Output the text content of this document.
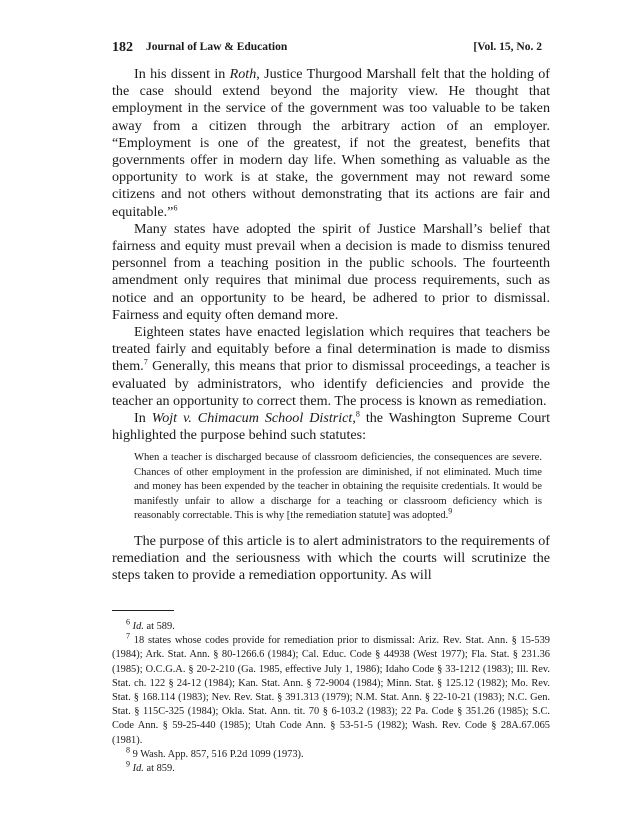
182 Journal of Law & Education	[Vol. 15, No. 2

In his dissent in Roth, Justice Thurgood Marshall felt that the holding of the case should extend beyond the majority view. He thought that employment in the service of the government was too valuable to be taken away from a citizen through the arbitrary action of an employer. “Employment is one of the greatest, if not the greatest, benefits that governments offer in modern day life. When something as valuable as the opportunity to work is at stake, the government may not reward some citizens and not others without demonstrating that its actions are fair and equitable.”$^6$

Many states have adopted the spirit of Justice Marshall’s belief that fairness and equity must prevail when a decision is made to dismiss tenured personnel from a teaching position in the public schools. The fourteenth amendment only requires that minimal due process requirements, such as notice and an opportunity to be heard, be adhered to prior to dismissal. Fairness and equity often demand more.

Eighteen states have enacted legislation which requires that teachers be treated fairly and equitably before a final determination is made to dismiss them.$^7$ Generally, this means that prior to dismissal proceedings, a teacher is evaluated by administrators, who identify deficiencies and provide the teacher an opportunity to correct them. The process is known as remediation.

In Wojt v. Chimacum School District,$^8$ the Washington Supreme Court highlighted the purpose behind such statutes:

When a teacher is discharged because of classroom deficiencies, the consequences are severe. Chances of other employment in the profession are diminished, if not eliminated. Much time and money has been expended by the teacher in obtaining the requisite credentials. It would be manifestly unfair to allow a discharge for a teaching or classroom deficiency which is reasonably correctable. This is why [the remediation statute] was adopted.$^9$

The purpose of this article is to alert administrators to the requirements of remediation and the seriousness with which the courts will scrutinize the steps taken to provide a remediation opportunity. As will

$^6$ Id. at 589.

$^7$ 18 states whose codes provide for remediation prior to dismissal: Ariz. Rev. Stat. Ann. § 15-539 (1984); Ark. Stat. Ann. § 80-1266.6 (1984); Cal. Educ. Code § 44938 (West 1977); Fla. Stat. § 231.36 (1985); O.C.G.A. § 20-2-210 (Ga. 1985, effective July 1, 1986); Idaho Code § 33-1212 (1983); Ill. Rev. Stat. ch. 122 § 24-12 (1984); Kan. Stat. Ann. § 72-9004 (1984); Minn. Stat. § 125.12 (1982); Mo. Rev. Stat. § 168.114 (1983); Nev. Rev. Stat. § 391.313 (1979); N.M. Stat. Ann. § 22-10-21 (1983); N.C. Gen. Stat. § 115C-325 (1984); Okla. Stat. Ann. tit. 70 § 6-103.2 (1983); 22 Pa. Code § 351.26 (1985); S.C. Code Ann. § 59-25-440 (1985); Utah Code Ann. § 53-51-5 (1982); Wash. Rev. Code § 28A.67.065 (1981).

$^8$ 9 Wash. App. 857, 516 P.2d 1099 (1973).

$^9$ Id. at 859.
